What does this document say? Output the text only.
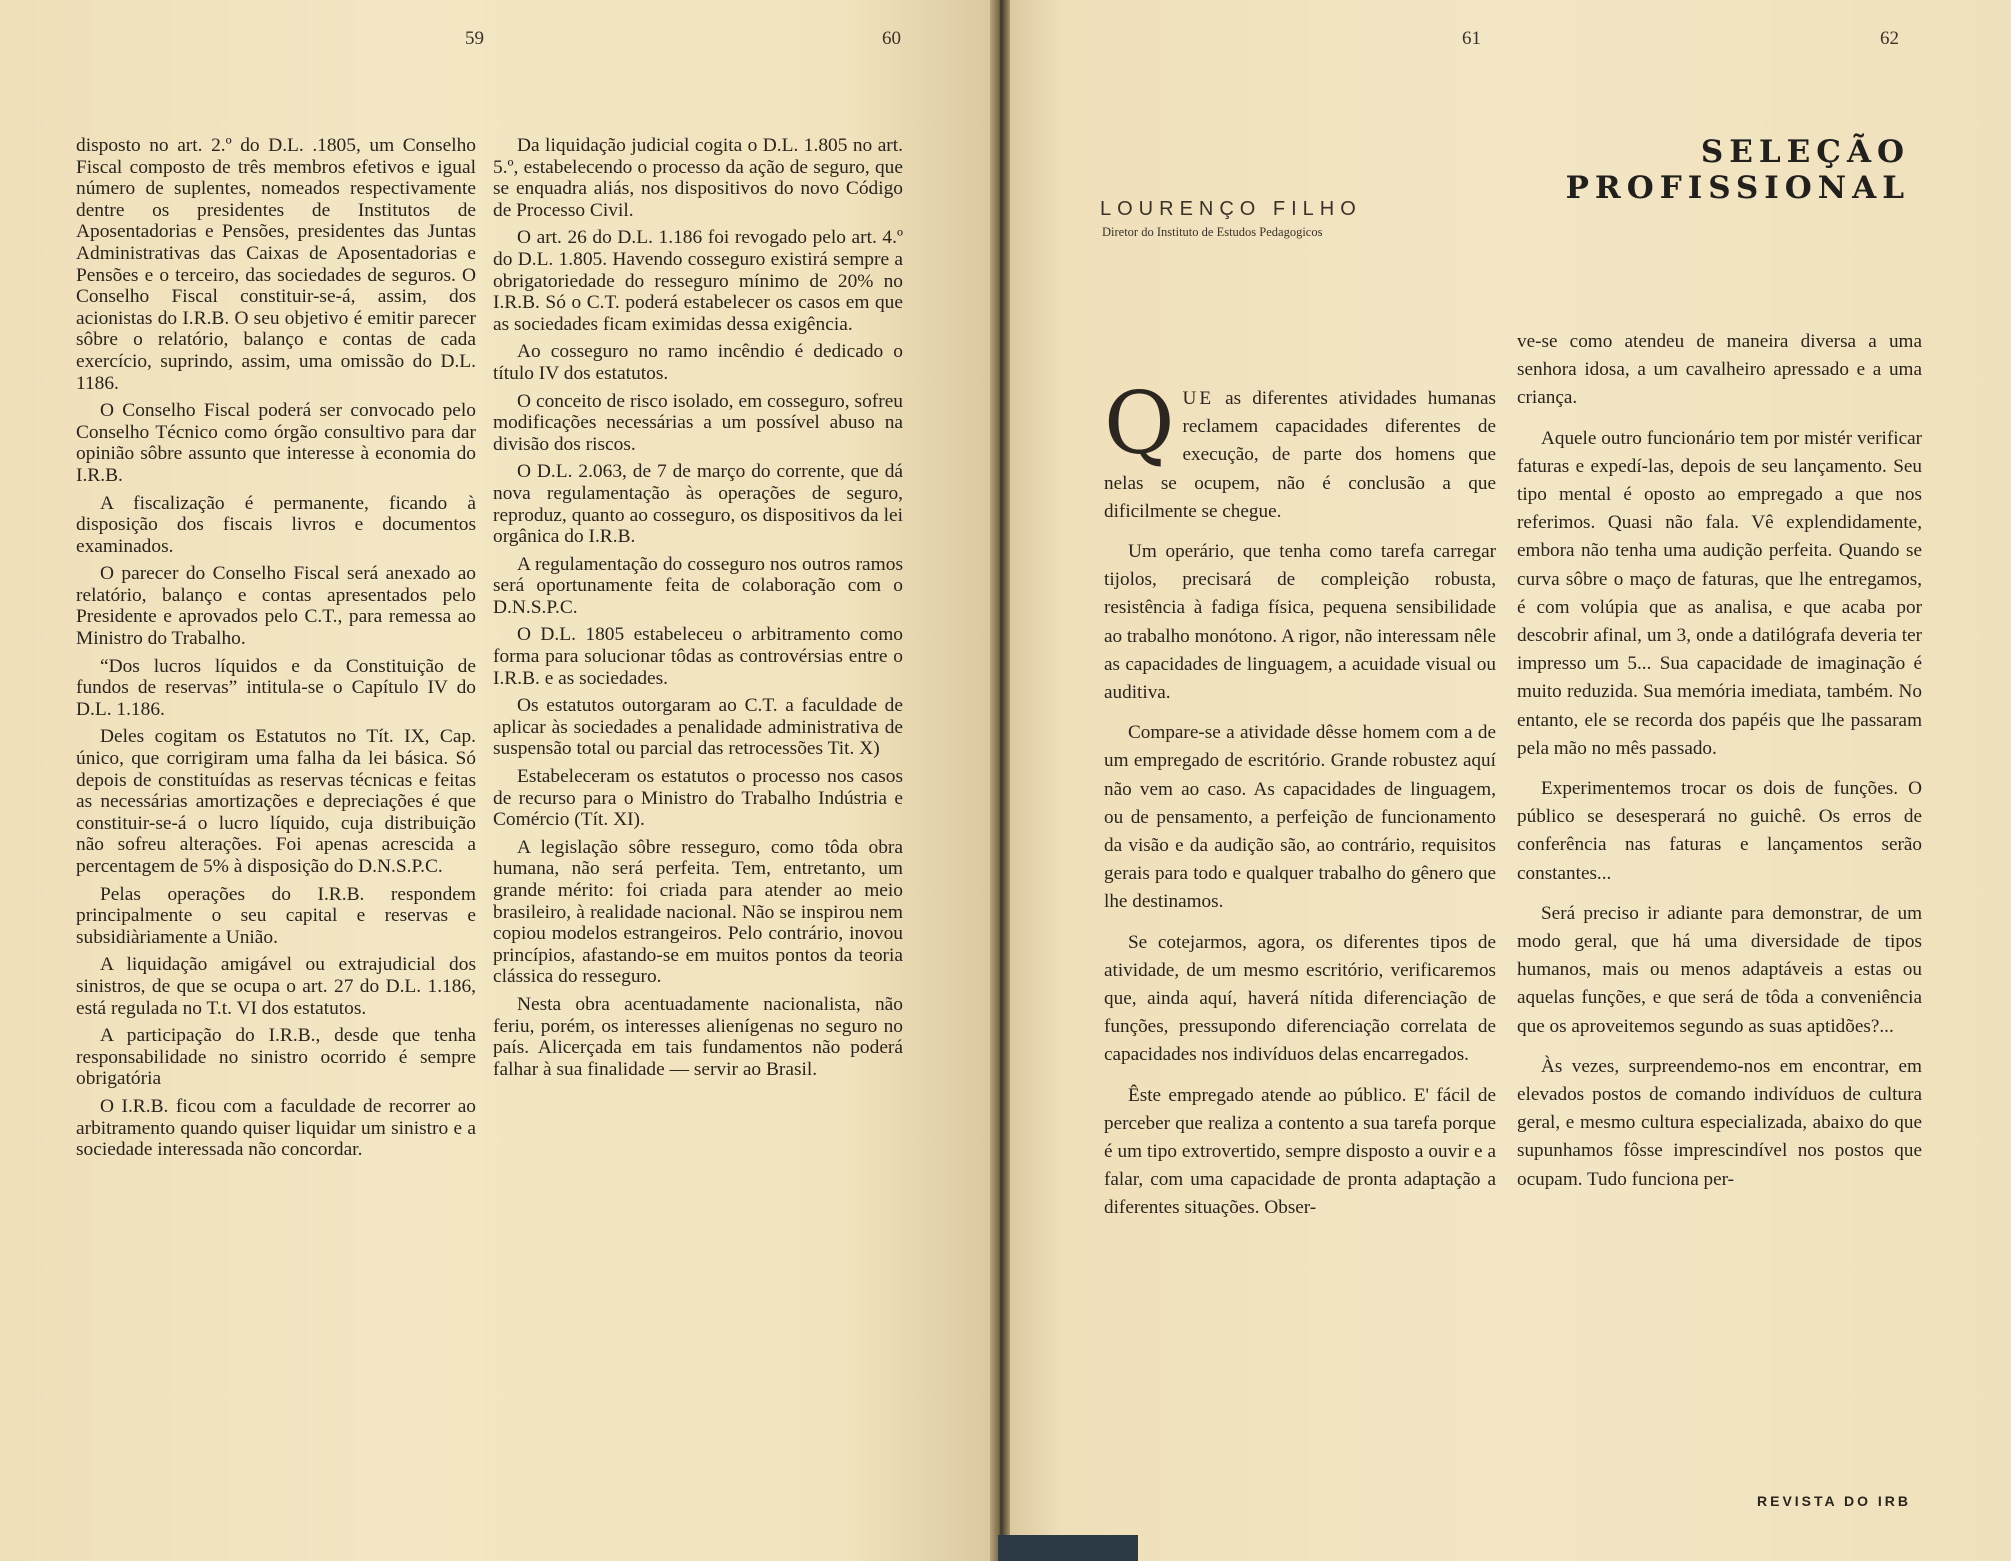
59	60	61	62

disposto no art. 2.º do D.L. .1805, um Conselho Fiscal composto de três membros efetivos e igual número de suplentes, nomeados respectivamente dentre os presidentes de Institutos de Aposentadorias e Pensões, presidentes das Juntas Administrativas das Caixas de Aposentadorias e Pensões e o terceiro, das sociedades de seguros. O Conselho Fiscal constituir-se-á, assim, dos acionistas do I.R.B. O seu objetivo é emitir parecer sôbre o relatório, balanço e contas de cada exercício, suprindo, assim, uma omissão do D.L. 1186.

O Conselho Fiscal poderá ser convocado pelo Conselho Técnico como órgão consultivo para dar opinião sôbre assunto que interesse à economia do I.R.B.

A fiscalização é permanente, ficando à disposição dos fiscais livros e documentos examinados.

O parecer do Conselho Fiscal será anexado ao relatório, balanço e contas apresentados pelo Presidente e aprovados pelo C.T., para remessa ao Ministro do Trabalho.

“Dos lucros líquidos e da Constituição de fundos de reservas” intitula-se o Capítulo IV do D.L. 1.186.

Deles cogitam os Estatutos no Tít. IX, Cap. único, que corrigiram uma falha da lei básica. Só depois de constituídas as reservas técnicas e feitas as necessárias amortizações e depreciações é que constituir-se-á o lucro líquido, cuja distribuição não sofreu alterações. Foi apenas acrescida a percentagem de 5% à disposição do D.N.S.P.C.

Pelas operações do I.R.B. respondem principalmente o seu capital e reservas e subsidiàriamente a União.

A liquidação amigável ou extrajudicial dos sinistros, de que se ocupa o art. 27 do D.L. 1.186, está regulada no T.t. VI dos estatutos.

A participação do I.R.B., desde que tenha responsabilidade no sinistro ocorrido é sempre obrigatória

O I.R.B. ficou com a faculdade de recorrer ao arbitramento quando quiser liquidar um sinistro e a sociedade interessada não concordar.

Da liquidação judicial cogita o D.L. 1.805 no art. 5.º, estabelecendo o processo da ação de seguro, que se enquadra aliás, nos dispositivos do novo Código de Processo Civil.

O art. 26 do D.L. 1.186 foi revogado pelo art. 4.º do D.L. 1.805. Havendo cosseguro existirá sempre a obrigatoriedade do resseguro mínimo de 20% no I.R.B. Só o C.T. poderá estabelecer os casos em que as sociedades ficam eximidas dessa exigência.

Ao cosseguro no ramo incêndio é dedicado o título IV dos estatutos.

O conceito de risco isolado, em cosseguro, sofreu modificações necessárias a um possível abuso na divisão dos riscos.

O D.L. 2.063, de 7 de março do corrente, que dá nova regulamentação às operações de seguro, reproduz, quanto ao cosseguro, os dispositivos da lei orgânica do I.R.B.

A regulamentação do cosseguro nos outros ramos será oportunamente feita de colaboração com o D.N.S.P.C.

O D.L. 1805 estabeleceu o arbitramento como forma para solucionar tôdas as controvérsias entre o I.R.B. e as sociedades.

Os estatutos outorgaram ao C.T. a faculdade de aplicar às sociedades a penalidade administrativa de suspensão total ou parcial das retrocessões Tit. X)

Estabeleceram os estatutos o processo nos casos de recurso para o Ministro do Trabalho Indústria e Comércio (Tít. XI).

A legislação sôbre resseguro, como tôda obra humana, não será perfeita. Tem, entretanto, um grande mérito: foi criada para atender ao meio brasileiro, à realidade nacional. Não se inspirou nem copiou modelos estrangeiros. Pelo contrário, inovou princípios, afastando-se em muitos pontos da teoria clássica do resseguro.

Nesta obra acentuadamente nacionalista, não feriu, porém, os interesses alienígenas no seguro no país. Alicerçada em tais fundamentos não poderá falhar à sua finalidade — servir ao Brasil.

SELEÇÃO PROFISSIONAL
LOURENÇO FILHO
Diretor do Instituto de Estudos Pedagogicos

QUE as diferentes atividades humanas reclamem capacidades diferentes de execução, de parte dos homens que nelas se ocupem, não é conclusão a que dificilmente se chegue.

Um operário, que tenha como tarefa carregar tijolos, precisará de compleição robusta, resistência à fadiga física, pequena sensibilidade ao trabalho monótono. A rigor, não interessam nêle as capacidades de linguagem, a acuidade visual ou auditiva.

Compare-se a atividade dêsse homem com a de um empregado de escritório. Grande robustez aquí não vem ao caso. As capacidades de linguagem, ou de pensamento, a perfeição de funcionamento da visão e da audição são, ao contrário, requisitos gerais para todo e qualquer trabalho do gênero que lhe destinamos.

Se cotejarmos, agora, os diferentes tipos de atividade, de um mesmo escritório, verificaremos que, ainda aquí, haverá nítida diferenciação de funções, pressupondo diferenciação correlata de capacidades nos indivíduos delas encarregados.

Êste empregado atende ao público. E' fácil de perceber que realiza a contento a sua tarefa porque é um tipo extrovertido, sempre disposto a ouvir e a falar, com uma capacidade de pronta adaptação a diferentes situações. Obser-

ve-se como atendeu de maneira diversa a uma senhora idosa, a um cavalheiro apressado e a uma criança.

Aquele outro funcionário tem por mistér verificar faturas e expedí-las, depois de seu lançamento. Seu tipo mental é oposto ao empregado a que nos referimos. Quasi não fala. Vê explendidamente, embora não tenha uma audição perfeita. Quando se curva sôbre o maço de faturas, que lhe entregamos, é com volúpia que as analisa, e que acaba por descobrir afinal, um 3, onde a datilógrafa deveria ter impresso um 5... Sua capacidade de imaginação é muito reduzida. Sua memória imediata, também. No entanto, ele se recorda dos papéis que lhe passaram pela mão no mês passado.

Experimentemos trocar os dois de funções. O público se desesperará no guichê. Os erros de conferência nas faturas e lançamentos serão constantes...

Será preciso ir adiante para demonstrar, de um modo geral, que há uma diversidade de tipos humanos, mais ou menos adaptáveis a estas ou aquelas funções, e que será de tôda a conveniência que os aproveitemos segundo as suas aptidões?...

Às vezes, surpreendemo-nos em encontrar, em elevados postos de comando indivíduos de cultura geral, e mesmo cultura especializada, abaixo do que supunhamos fôsse imprescindível nos postos que ocupam. Tudo funciona per-

REVISTA DO IRB
